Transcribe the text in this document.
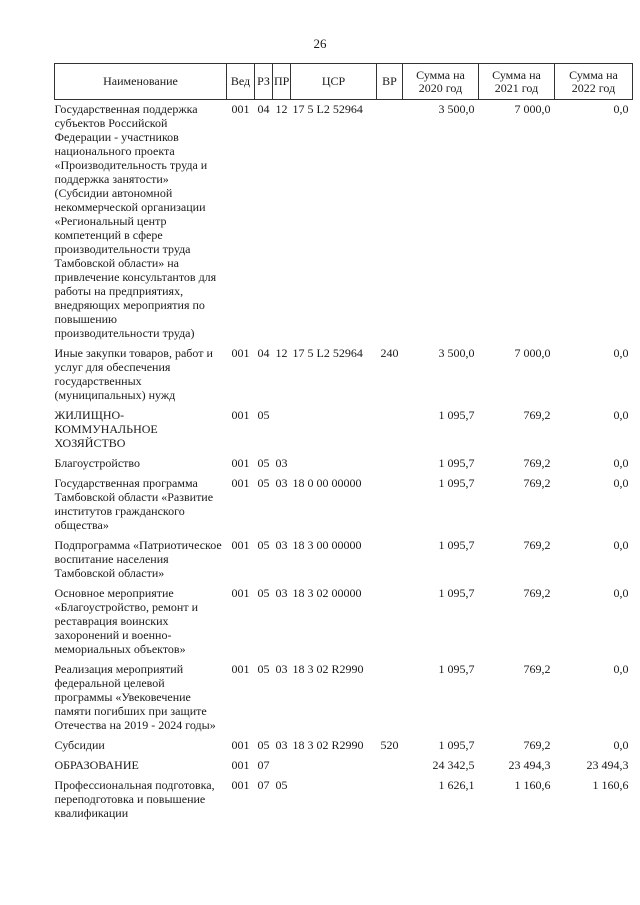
26
Наименование	Вед	РЗ	ПР	ЦСР	ВР	Сумма на 2020 год	Сумма на 2021 год	Сумма на 2022 год
Государственная поддержка субъектов Российской Федерации - участников национального проекта «Производительность труда и поддержка занятости» (Субсидии автономной некоммерческой организации «Региональный центр компетенций в сфере производительности труда Тамбовской области» на привлечение консультантов для работы на предприятиях, внедряющих мероприятия по повышению производительности труда)	001	04	12	17 5 L2 52964		3 500,0	7 000,0	0,0
Иные закупки товаров, работ и услуг для обеспечения государственных (муниципальных) нужд	001	04	12	17 5 L2 52964	240	3 500,0	7 000,0	0,0
ЖИЛИЩНО-КОММУНАЛЬНОЕ ХОЗЯЙСТВО	001	05				1 095,7	769,2	0,0
Благоустройство	001	05	03			1 095,7	769,2	0,0
Государственная программа Тамбовской области «Развитие институтов гражданского общества»	001	05	03	18 0 00 00000		1 095,7	769,2	0,0
Подпрограмма «Патриотическое воспитание населения Тамбовской области»	001	05	03	18 3 00 00000		1 095,7	769,2	0,0
Основное мероприятие «Благоустройство, ремонт и реставрация воинских захоронений и военно-мемориальных объектов»	001	05	03	18 3 02 00000		1 095,7	769,2	0,0
Реализация мероприятий федеральной целевой программы «Увековечение памяти погибших при защите Отечества на 2019 - 2024 годы»	001	05	03	18 3 02 R2990		1 095,7	769,2	0,0
Субсидии	001	05	03	18 3 02 R2990	520	1 095,7	769,2	0,0
ОБРАЗОВАНИЕ	001	07				24 342,5	23 494,3	23 494,3
Профессиональная подготовка, переподготовка и повышение квалификации	001	07	05			1 626,1	1 160,6	1 160,6
